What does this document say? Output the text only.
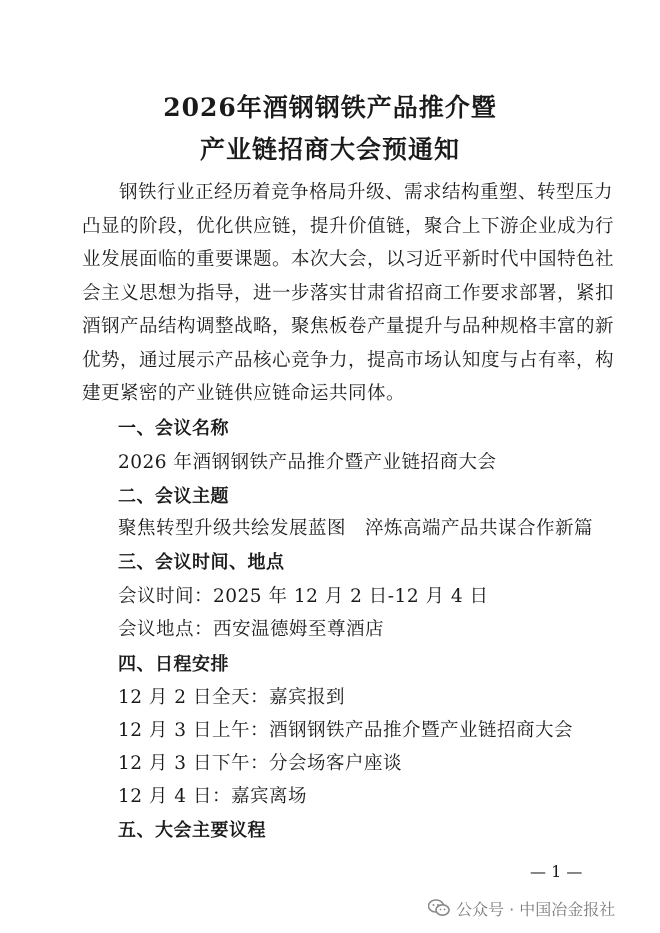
2026年酒钢钢铁产品推介暨
产业链招商大会预通知
钢铁行业正经历着竞争格局升级、需求结构重塑、转型压力
凸显的阶段，优化供应链，提升价值链，聚合上下游企业成为行
业发展面临的重要课题。本次大会，以习近平新时代中国特色社
会主义思想为指导，进一步落实甘肃省招商工作要求部署，紧扣
酒钢产品结构调整战略，聚焦板卷产量提升与品种规格丰富的新
优势，通过展示产品核心竞争力，提高市场认知度与占有率，构
建更紧密的产业链供应链命运共同体。
一、会议名称
2026 年酒钢钢铁产品推介暨产业链招商大会
二、会议主题
聚焦转型升级共绘发展蓝图　淬炼高端产品共谋合作新篇
三、会议时间、地点
会议时间：2025 年 12 月 2 日-12 月 4 日
会议地点：西安温德姆至尊酒店
四、日程安排
12 月 2 日全天：嘉宾报到
12 月 3 日上午：酒钢钢铁产品推介暨产业链招商大会
12 月 3 日下午：分会场客户座谈
12 月 4 日：嘉宾离场
五、大会主要议程
— 1 —
公众号 · 中国冶金报社
